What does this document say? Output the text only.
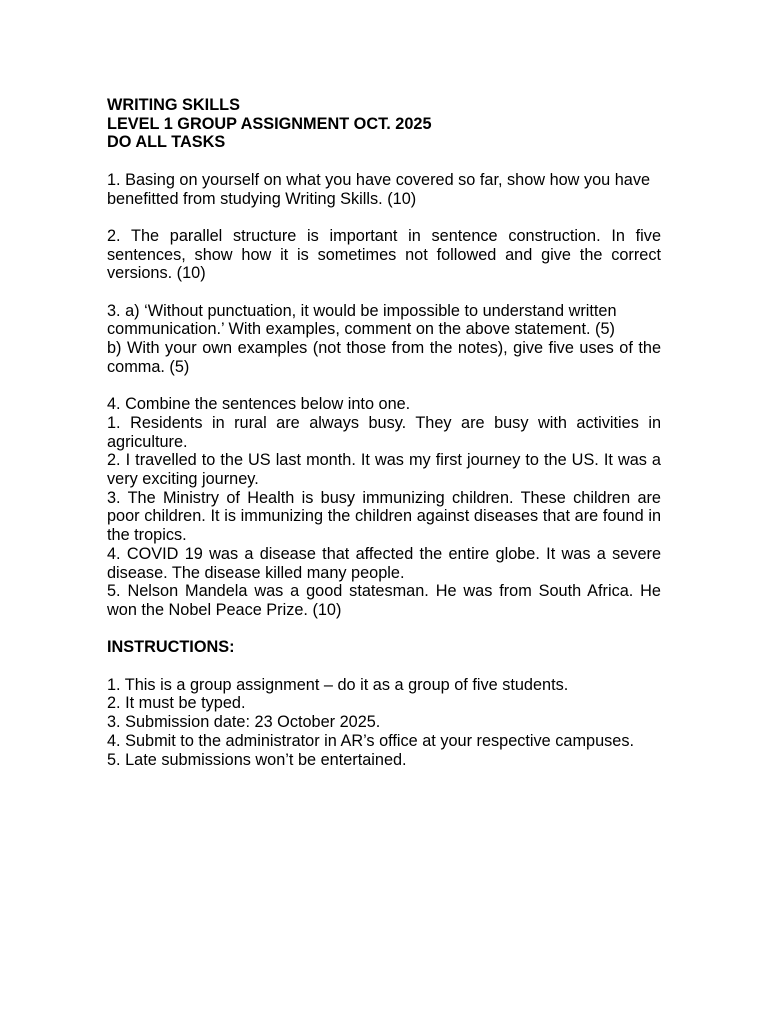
WRITING SKILLS

LEVEL 1 GROUP ASSIGNMENT OCT. 2025

DO ALL TASKS

1. Basing on yourself on what you have covered so far, show how you have benefitted from studying Writing Skills. (10)

2. The parallel structure is important in sentence construction. In five sentences, show how it is sometimes not followed and give the correct versions. (10)

3. a) ‘Without punctuation, it would be impossible to understand written communication.’ With examples, comment on the above statement. (5)

b) With your own examples (not those from the notes), give five uses of the comma. (5)

4. Combine the sentences below into one.

1. Residents in rural are always busy. They are busy with activities in agriculture.

2. I travelled to the US last month. It was my first journey to the US. It was a very exciting journey.

3. The Ministry of Health is busy immunizing children. These children are poor children. It is immunizing the children against diseases that are found in the tropics.

4. COVID 19 was a disease that affected the entire globe. It was a severe disease. The disease killed many people.

5. Nelson Mandela was a good statesman. He was from South Africa. He won the Nobel Peace Prize. (10)

INSTRUCTIONS:

1. This is a group assignment – do it as a group of five students.

2. It must be typed.

3. Submission date: 23 October 2025.

4. Submit to the administrator in AR’s office at your respective campuses.

5. Late submissions won’t be entertained.
